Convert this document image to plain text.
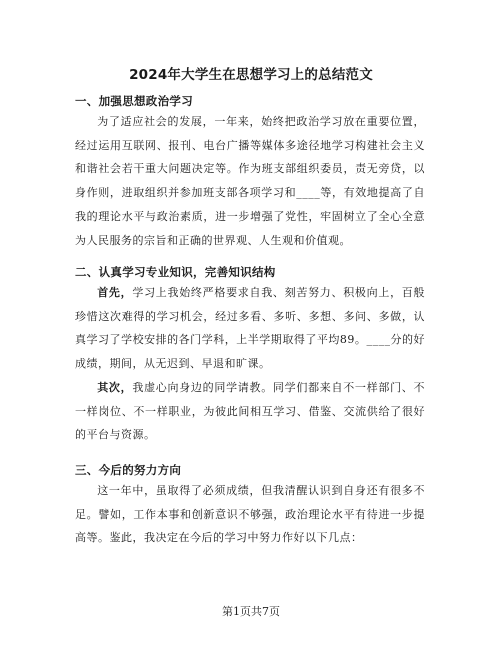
2024年大学生在思想学习上的总结范文
一、加强思想政治学习
为了适应社会的发展，一年来，始终把政治学习放在重要位置，经过运用互联网、报刊、电台广播等媒体多途径地学习构建社会主义和谐社会若干重大问题决定等。作为班支部组织委员，责无旁贷，以身作则，进取组织并参加班支部各项学习和____等，有效地提高了自我的理论水平与政治素质，进一步增强了党性，牢固树立了全心全意为人民服务的宗旨和正确的世界观、人生观和价值观。
二、认真学习专业知识，完善知识结构
首先，学习上我始终严格要求自我、刻苦努力、积极向上，百般珍惜这次难得的学习机会，经过多看、多听、多想、多问、多做，认真学习了学校安排的各门学科，上半学期取得了平均89。____分的好成绩，期间，从无迟到、早退和旷课。
其次，我虚心向身边的同学请教。同学们都来自不一样部门、不一样岗位、不一样职业，为彼此间相互学习、借鉴、交流供给了很好的平台与资源。
三、今后的努力方向
这一年中，虽取得了必须成绩，但我清醒认识到自身还有很多不足。譬如，工作本事和创新意识不够强，政治理论水平有待进一步提高等。鉴此，我决定在今后的学习中努力作好以下几点：
第1页共7页
